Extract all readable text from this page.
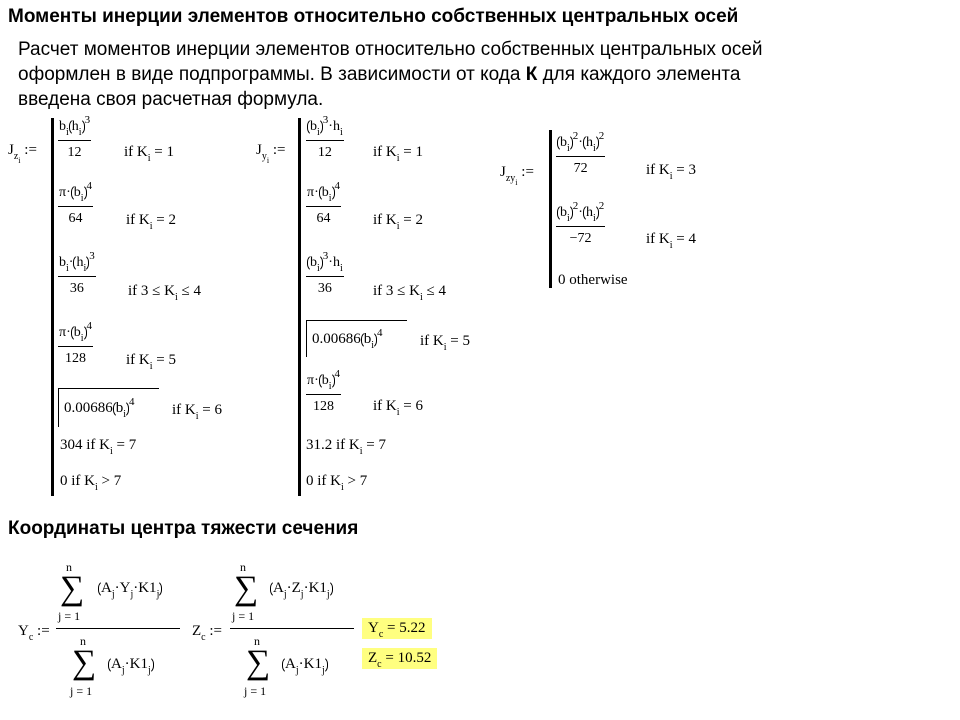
Моменты инерции элементов относительно собственных центральных осей
Расчет моментов инерции элементов относительно собственных центральных осей
оформлен в виде подпрограммы. В зависимости от кода К для каждого элемента
введена своя расчетная формула.
$J_{z_i}$ :=
$b_i$ $h_i^3$
12	if $K_i = 1$
$\pi\cdot b_i^4$
64	if $K_i = 2$
$b_i\cdot h_i^3$
36	if $3 \le K_i \le 4$
$\pi\cdot b_i^4$
128	if $K_i = 5$
0.00686 $b_i^4$ if $K_i = 6$
304 if $K_i = 7$
0 if $K_i > 7$
$J_{y_i}$ :=
$b_i^3\cdot h_i$
12	if $K_i = 1$
$\pi\cdot b_i^4$
64	if $K_i = 2$
$b_i^3\cdot h_i$
36	if $3 \le K_i \le 4$
0.00686 $b_i^4$ if $K_i = 5$
$\pi\cdot b_i^4$
128	if $K_i = 6$
31.2 if $K_i = 7$
0 if $K_i > 7$
$J_{zy_i}$ :=
$b_i^2\cdot h_i^2$
72	if $K_i = 3$
$b_i^2\cdot h_i^2$
−72	if $K_i = 4$
0 otherwise
Координаты центра тяжести сечения
$Y_c$ :=
n
∑
j = 1
$A_j\cdot Y_j\cdot K1_j$
n
∑
j = 1
$A_j\cdot K1_j$
$Z_c$ :=
n
∑
j = 1
$A_j\cdot Z_j\cdot K1_j$
n
∑
j = 1
$A_j\cdot K1_j$
$Y_c = 5.22$
$Z_c = 10.52$
